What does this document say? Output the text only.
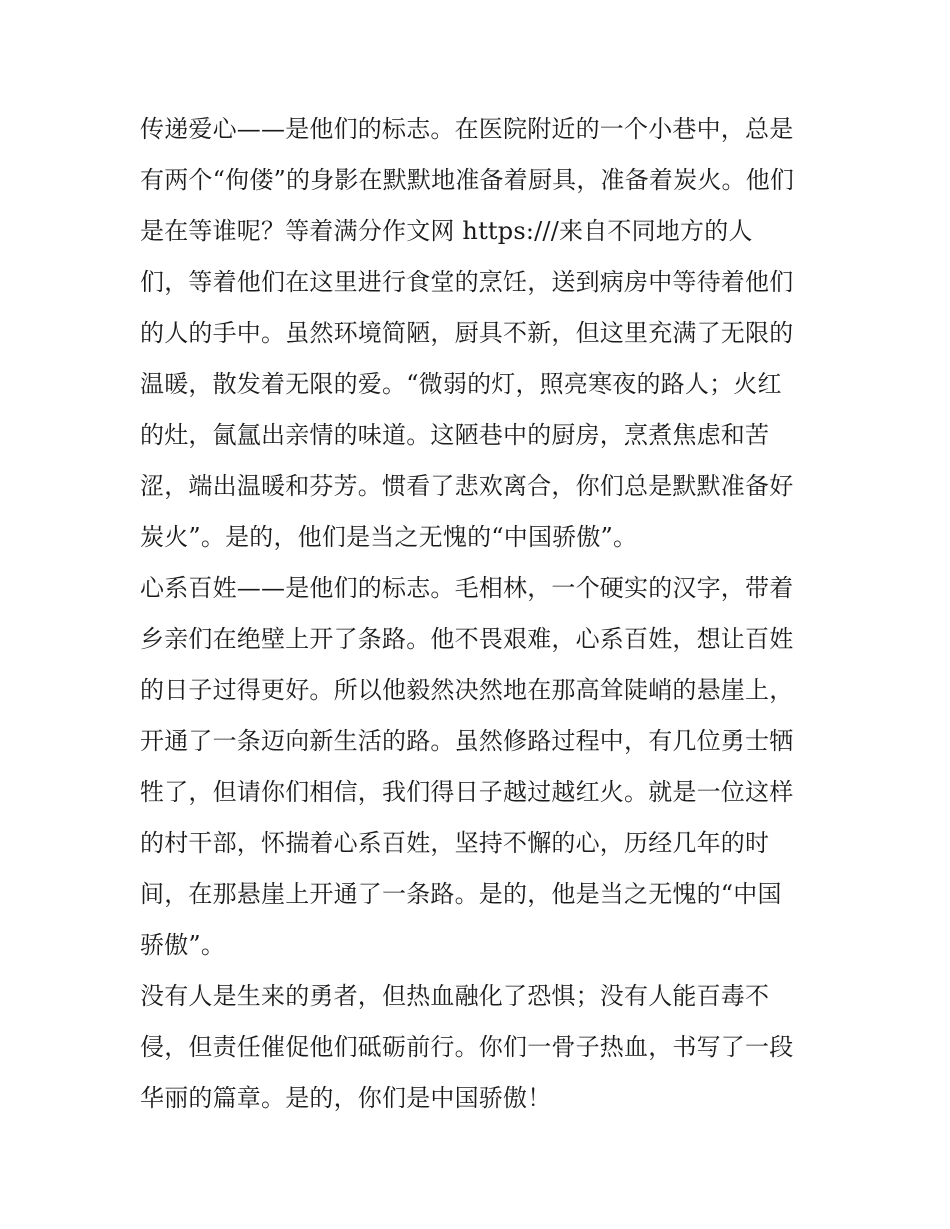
传递爱心——是他们的标志。在医院附近的一个小巷中，总是
有两个“佝偻”的身影在默默地准备着厨具，准备着炭火。他们
是在等谁呢？等着满分作文网 https:///来自不同地方的人
们，等着他们在这里进行食堂的烹饪，送到病房中等待着他们
的人的手中。虽然环境简陋，厨具不新，但这里充满了无限的
温暖，散发着无限的爱。“微弱的灯，照亮寒夜的路人；火红
的灶，氤氲出亲情的味道。这陋巷中的厨房，烹煮焦虑和苦
涩，端出温暖和芬芳。惯看了悲欢离合，你们总是默默准备好
炭火”。是的，他们是当之无愧的“中国骄傲”。
心系百姓——是他们的标志。毛相林，一个硬实的汉字，带着
乡亲们在绝壁上开了条路。他不畏艰难，心系百姓，想让百姓
的日子过得更好。所以他毅然决然地在那高耸陡峭的悬崖上，
开通了一条迈向新生活的路。虽然修路过程中，有几位勇士牺
牲了，但请你们相信，我们得日子越过越红火。就是一位这样
的村干部，怀揣着心系百姓，坚持不懈的心，历经几年的时
间，在那悬崖上开通了一条路。是的，他是当之无愧的“中国
骄傲”。
没有人是生来的勇者，但热血融化了恐惧；没有人能百毒不
侵，但责任催促他们砥砺前行。你们一骨子热血，书写了一段
华丽的篇章。是的，你们是中国骄傲！
